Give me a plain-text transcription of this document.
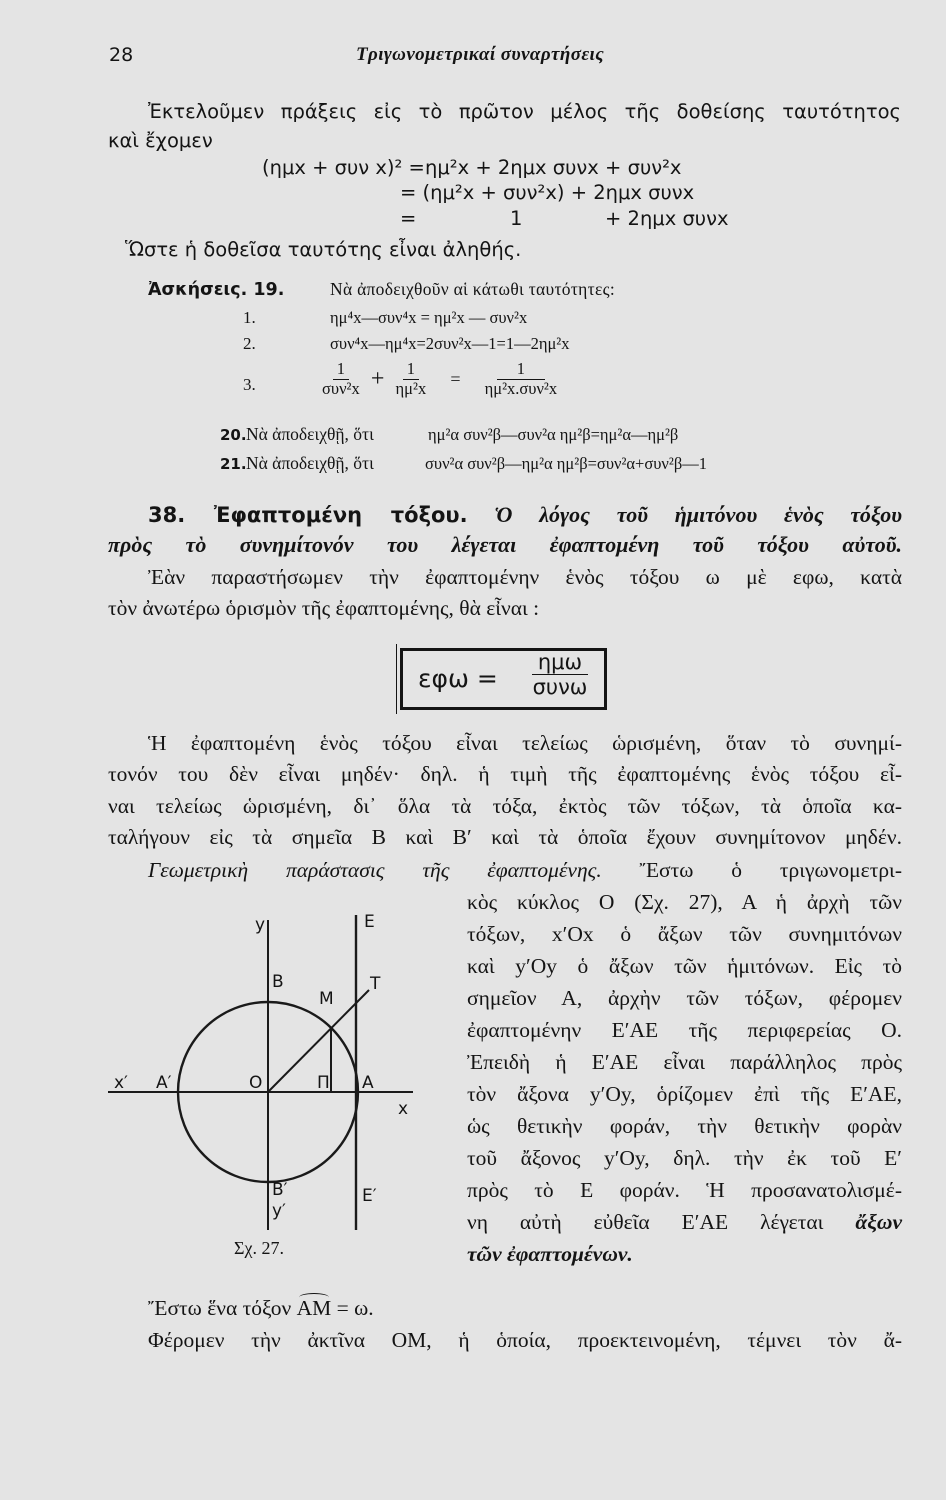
28	Τριγωνομετρικαί συναρτήσεις
Ἐκτελοῦμεν πράξεις εἰς τὸ πρῶτον μέλος τῆς δοθείσης ταυτότητος
καὶ ἔχομεν
(ημx + συν x)² = ημ²x + 2ημx συνx + συν²x
= (ημ²x + συν²x) + 2ημx συνx
=	1	+ 2ημx συνx
Ὥστε ἡ δοθεῖσα ταυτότης εἶναι ἀληθής.
Ἀσκήσεις. 19.	Νὰ ἀποδειχθοῦν αἱ κάτωθι ταυτότητες:
1.	ημ⁴x—συν⁴x = ημ²x — συν²x
2.	συν⁴x—ημ⁴x=2συν²x—1=1—2ημ²x
3.	$\frac{1}{\text{συν²x}} + \frac{1}{\text{ημ²x}} = \frac{1}{\text{ημ²x.συν²x}}$
20. Νὰ ἀποδειχθῇ, ὅτι	ημ²α συν²β—συν²α ημ²β=ημ²α—ημ²β
21. Νὰ ἀποδειχθῇ, ὅτι	συν²α συν²β—ημ²α ημ²β=συν²α+συν²β—1
38. Ἐφαπτομένη τόξου. Ὁ λόγος τοῦ ἡμιτόνου ἑνὸς τόξου
πρὸς τὸ συνημίτονόν του λέγεται ἐφαπτομένη τοῦ τόξου αὐτοῦ.
Ἐὰν παραστήσωμεν τὴν ἐφαπτομένην ἑνὸς τόξου ω μὲ εφω, κατὰ
τὸν ἀνωτέρω ὁρισμὸν τῆς ἐφαπτομένης, θὰ εἶναι :
εφω =
ημω
συνω
Ἡ ἐφαπτομένη ἑνὸς τόξου εἶναι τελείως ὡρισμένη, ὅταν τὸ συνημί-
τονόν του δὲν εἶναι μηδέν· δηλ. ἡ τιμὴ τῆς ἐφαπτομένης ἑνὸς τόξου εἶ-
ναι τελείως ὡρισμένη, δι᾽ ὅλα τὰ τόξα, ἐκτὸς τῶν τόξων, τὰ ὁποῖα κα-
ταλήγουν εἰς τὰ σημεῖα Β καὶ Β′ καὶ τὰ ὁποῖα ἔχουν συνημίτονον μηδέν.
Γεωμετρικὴ παράστασις τῆς ἐφαπτομένης. Ἔστω ὁ τριγωνομετρι-
κὸς κύκλος Ο (Σχ. 27), Α ἡ ἀρχὴ τῶν
τόξων, x′Ox ὁ ἄξων τῶν συνημιτόνων
καὶ y′Oy ὁ ἄξων τῶν ἡμιτόνων. Εἰς τὸ
σημεῖον Α, ἀρχὴν τῶν τόξων, φέρομεν
ἐφαπτομένην Ε′ΑΕ τῆς περιφερείας Ο.
Ἐπειδὴ ἡ Ε′ΑΕ εἶναι παράλληλος πρὸς
τὸν ἄξονα y′Oy, ὁρίζομεν ἐπὶ τῆς Ε′ΑΕ,
ὡς θετικὴν φοράν, τὴν θετικὴν φορὰν
τοῦ ἄξονος y′Oy, δηλ. τὴν ἐκ τοῦ Ε′
πρὸς τὸ Ε φοράν. Ἡ προσανατολισμέ-
νη αὐτὴ εὐθεῖα Ε′ΑΕ λέγεται ἄξων
τῶν ἐφαπτομένων.
y	Ε
Β	Τ
Μ
x′ Α′	Ο	Π Α
x
Β′
y′
Ε′
Σχ. 27.
Ἔστω ἕνα τόξον ΑΜ = ω.
Φέρομεν τὴν ἀκτῖνα ΟΜ, ἡ ὁποία, προεκτεινομένη, τέμνει τὸν ἄ-
